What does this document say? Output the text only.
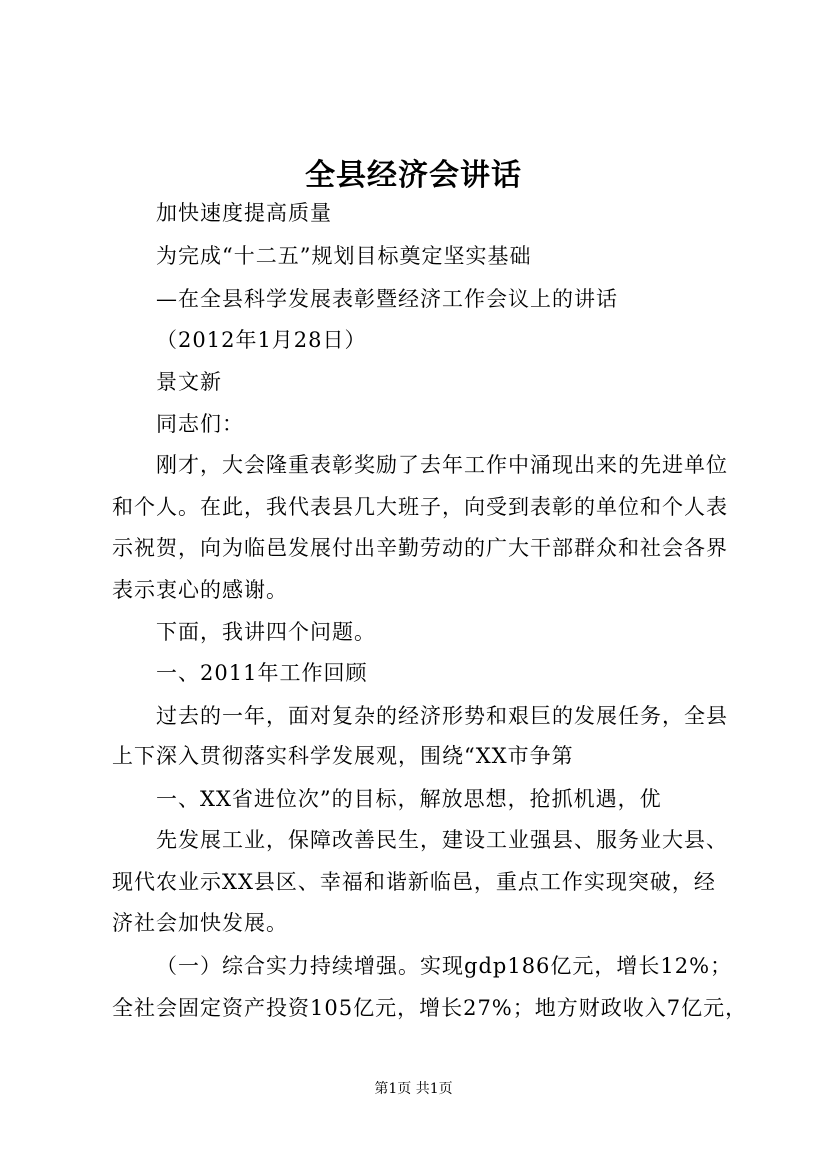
全县经济会讲话
加快速度提高质量
为完成“十二五”规划目标奠定坚实基础
—在全县科学发展表彰暨经济工作会议上的讲话
（2012年1月28日）
景文新
同志们：
刚才，大会隆重表彰奖励了去年工作中涌现出来的先进单位
和个人。在此，我代表县几大班子，向受到表彰的单位和个人表
示祝贺，向为临邑发展付出辛勤劳动的广大干部群众和社会各界
表示衷心的感谢。
下面，我讲四个问题。
一、2011年工作回顾
过去的一年，面对复杂的经济形势和艰巨的发展任务，全县
上下深入贯彻落实科学发展观，围绕“XX市争第
一、XX省进位次”的目标，解放思想，抢抓机遇，优
先发展工业，保障改善民生，建设工业强县、服务业大县、
现代农业示XX县区、幸福和谐新临邑，重点工作实现突破，经
济社会加快发展。
（一）综合实力持续增强。实现gdp186亿元，增长12%；
全社会固定资产投资105亿元，增长27%；地方财政收入7亿元，
第1页 共1页
